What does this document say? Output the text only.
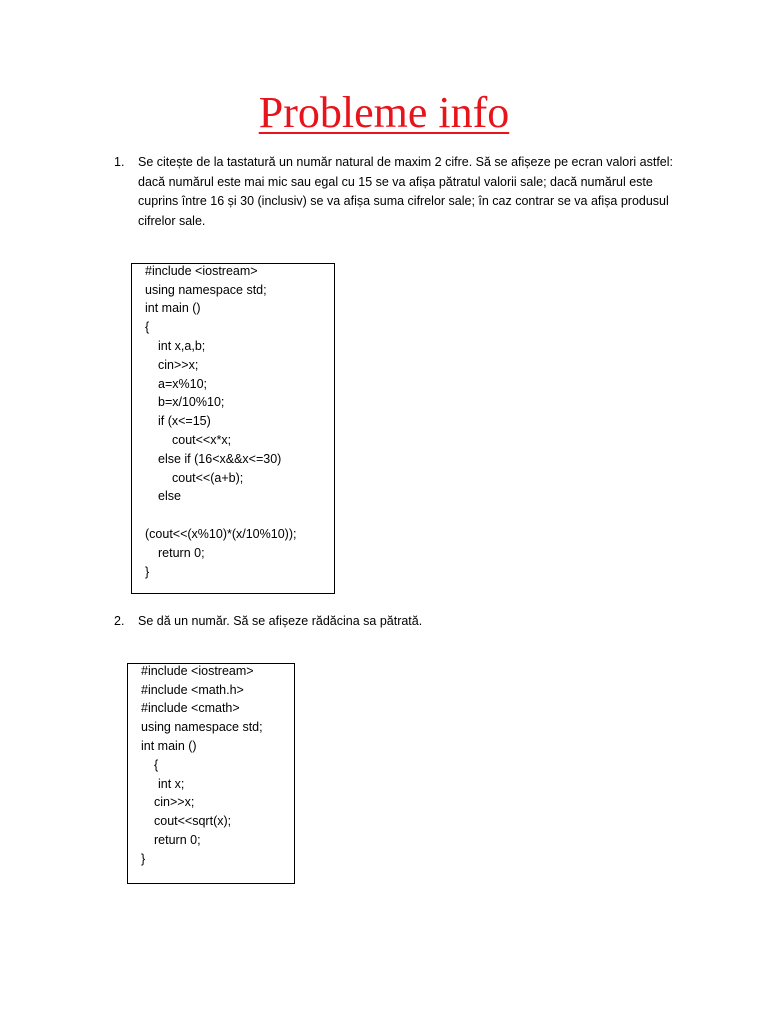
Probleme info
1. Se citește de la tastatură un număr natural de maxim 2 cifre. Să se afișeze pe ecran valori astfel: dacă numărul este mai mic sau egal cu 15 se va afișa pătratul valorii sale; dacă numărul este cuprins între 16 și 30 (inclusiv) se va afișa suma cifrelor sale; în caz contrar se va afișa produsul cifrelor sale.
#include <iostream>
using namespace std;
int main ()
{
int x,a,b;
cin>>x;
a=x%10;
b=x/10%10;
if (x<=15)
cout<<x*x;
else if (16<x&&x<=30)
cout<<(a+b);
else
(cout<<(x%10)*(x/10%10));
return 0;
}
2. Se dă un număr. Să se afișeze rădăcina sa pătrată.
#include <iostream>
#include <math.h>
#include <cmath>
using namespace std;
int main ()
{
int x;
cin>>x;
cout<<sqrt(x);
return 0;
}
